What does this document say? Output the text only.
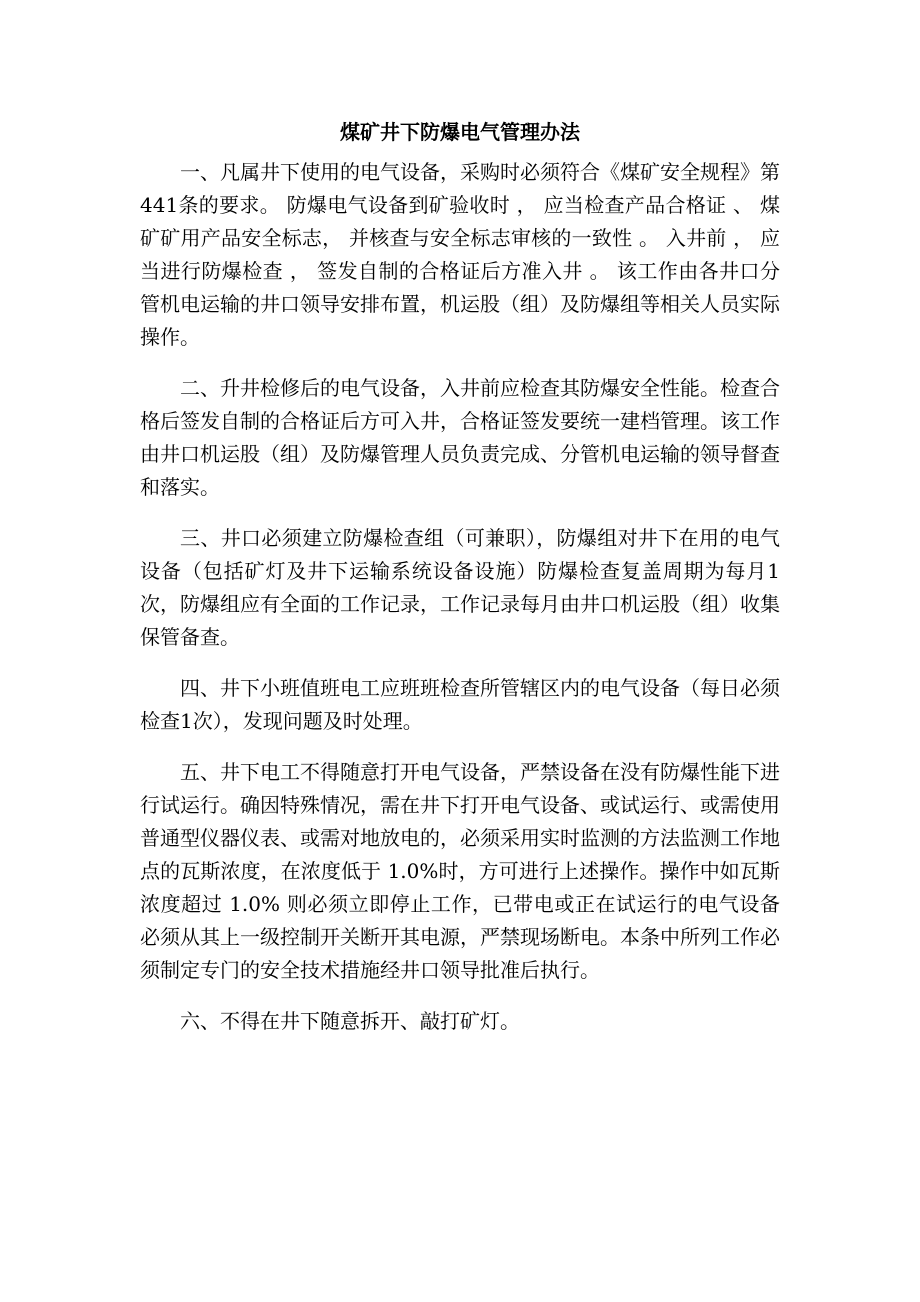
煤矿井下防爆电气管理办法

一、凡属井下使用的电气设备，采购时必须符合《煤矿安全规程》第441条的要求。 防爆电气设备到矿验收时 ， 应当检查产品合格证 、 煤矿矿用产品安全标志， 并核查与安全标志审核的一致性 。 入井前 ， 应当进行防爆检查 ， 签发自制的合格证后方准入井 。 该工作由各井口分管机电运输的井口领导安排布置，机运股（组）及防爆组等相关人员实际操作。

二、升井检修后的电气设备，入井前应检查其防爆安全性能。检查合格后签发自制的合格证后方可入井，合格证签发要统一建档管理。该工作由井口机运股（组）及防爆管理人员负责完成、分管机电运输的领导督查和落实。

三、井口必须建立防爆检查组（可兼职），防爆组对井下在用的电气设备（包括矿灯及井下运输系统设备设施）防爆检查复盖周期为每月1次，防爆组应有全面的工作记录，工作记录每月由井口机运股（组）收集保管备查。

四、井下小班值班电工应班班检查所管辖区内的电气设备（每日必须检查1次），发现问题及时处理。

五、井下电工不得随意打开电气设备，严禁设备在没有防爆性能下进行试运行。确因特殊情况，需在井下打开电气设备、或试运行、或需使用普通型仪器仪表、或需对地放电的，必须采用实时监测的方法监测工作地点的瓦斯浓度，在浓度低于 1.0%时，方可进行上述操作。操作中如瓦斯浓度超过 1.0% 则必须立即停止工作，已带电或正在试运行的电气设备必须从其上一级控制开关断开其电源，严禁现场断电。本条中所列工作必须制定专门的安全技术措施经井口领导批准后执行。

六、不得在井下随意拆开、敲打矿灯。
